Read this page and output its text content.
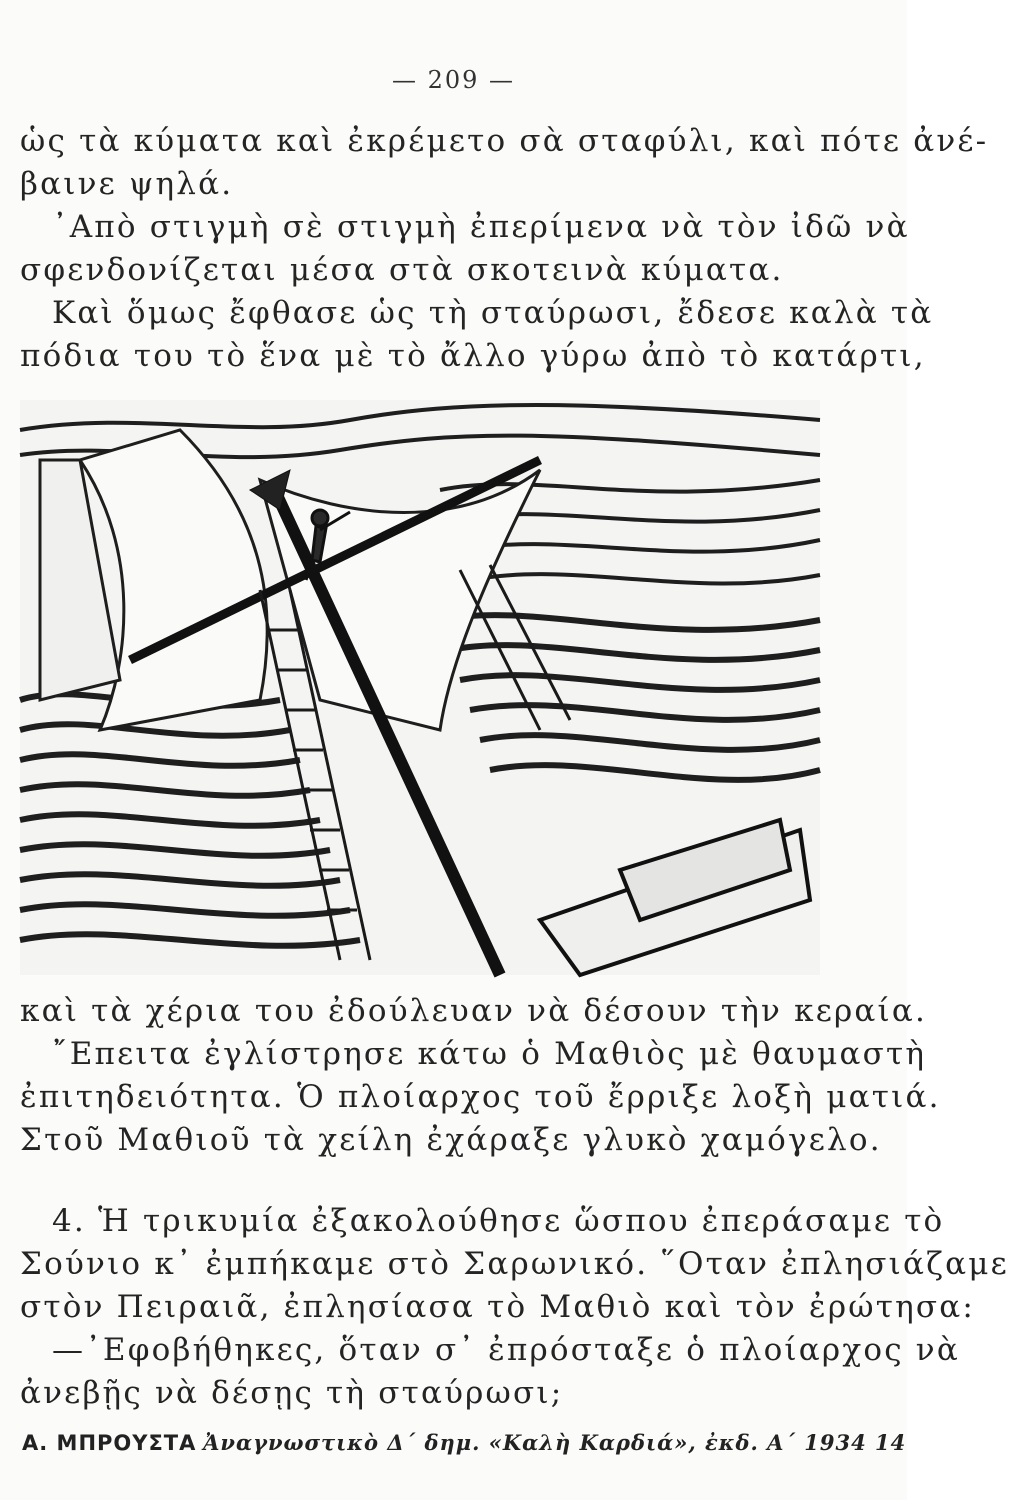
— 209 —
ὡς τὰ κύματα καὶ ἐκρέμετο σὰ σταφύλι, καὶ πότε ἀνέ-
βαινε ψηλά.
᾿Απὸ στιγμὴ σὲ στιγμὴ ἐπερίμενα νὰ τὸν ἰδῶ νὰ
σφενδονίζεται μέσα στὰ σκοτεινὰ κύματα.
Καὶ ὅμως ἔφθασε ὡς τὴ σταύρωσι, ἔδεσε καλὰ τὰ
πόδια του τὸ ἕνα μὲ τὸ ἄλλο γύρω ἀπὸ τὸ κατάρτι,
καὶ τὰ χέρια του ἐδούλευαν νὰ δέσουν τὴν κεραία.
῎Επειτα ἐγλίστρησε κάτω ὁ Μαθιὸς μὲ θαυμαστὴ
ἐπιτηδειότητα. Ὁ πλοίαρχος τοῦ ἔρριξε λοξὴ ματιά.
Στοῦ Μαθιοῦ τὰ χείλη ἐχάραξε γλυκὸ χαμόγελο.
4. Ἡ τρικυμία ἐξακολούθησε ὥσπου ἐπεράσαμε τὸ
Σούνιο κ᾿ ἐμπήκαμε στὸ Σαρωνικό. ῞Οταν ἐπλησιάζαμε
στὸν Πειραιᾶ, ἐπλησίασα τὸ Μαθιὸ καὶ τὸν ἐρώτησα:
—᾿Εφοβήθηκες, ὅταν σ᾿ ἐπρόσταξε ὁ πλοίαρχος νὰ
ἀνεβῇς νὰ δέσῃς τὴ σταύρωσι;
Α. ΜΠΡΟΥΣΤΑ Ἀναγνωστικὸ Δ΄ δημ. «Καλὴ Καρδιά», ἐκδ. Α΄ 1934 14
